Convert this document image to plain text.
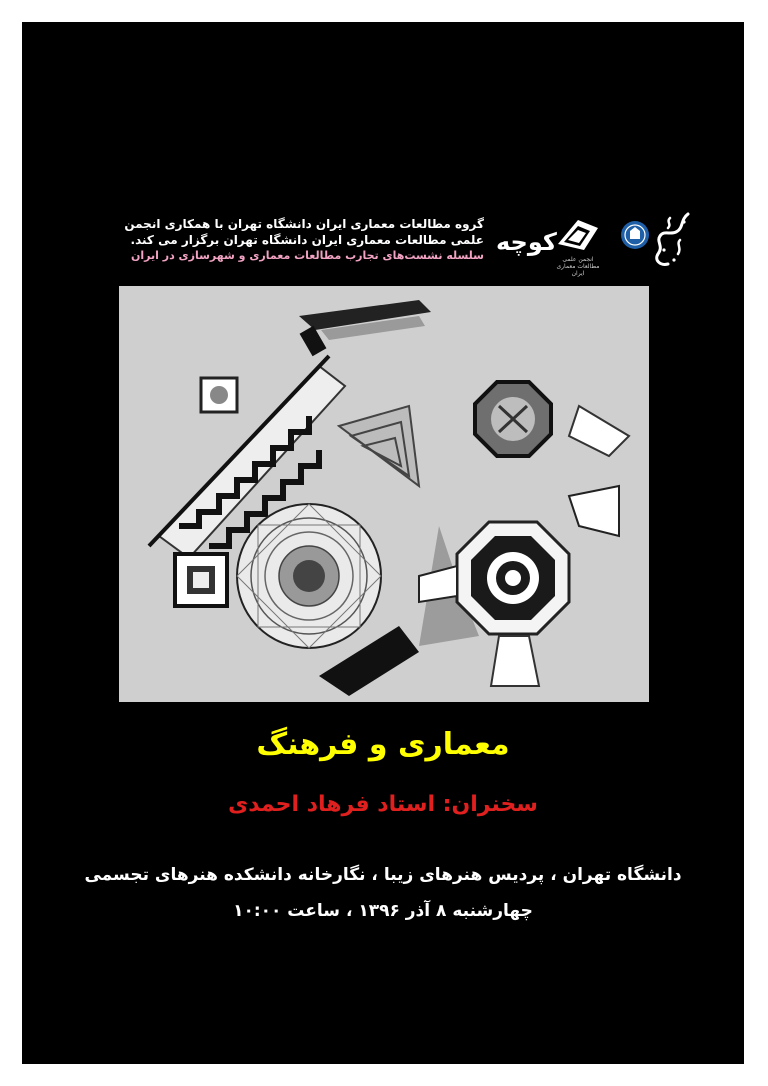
گروه مطالعات معماری ایران دانشگاه تهران با همکاری انجمن
علمی مطالعات معماری ایران دانشگاه تهران برگزار می کند.
سلسله نشست‌های تجارب مطالعات معماری و شهرسازی در ایران کوچه
انجمن علمی
مطالعات معماری ایران
معماری و فرهنگ
سخنران: استاد فرهاد احمدی
دانشگاه تهران ، پردیس هنرهای زیبا ، نگارخانه دانشکده هنرهای تجسمی
چهارشنبه ۸ آذر ۱۳۹۶ ، ساعت ۱۰:۰۰
